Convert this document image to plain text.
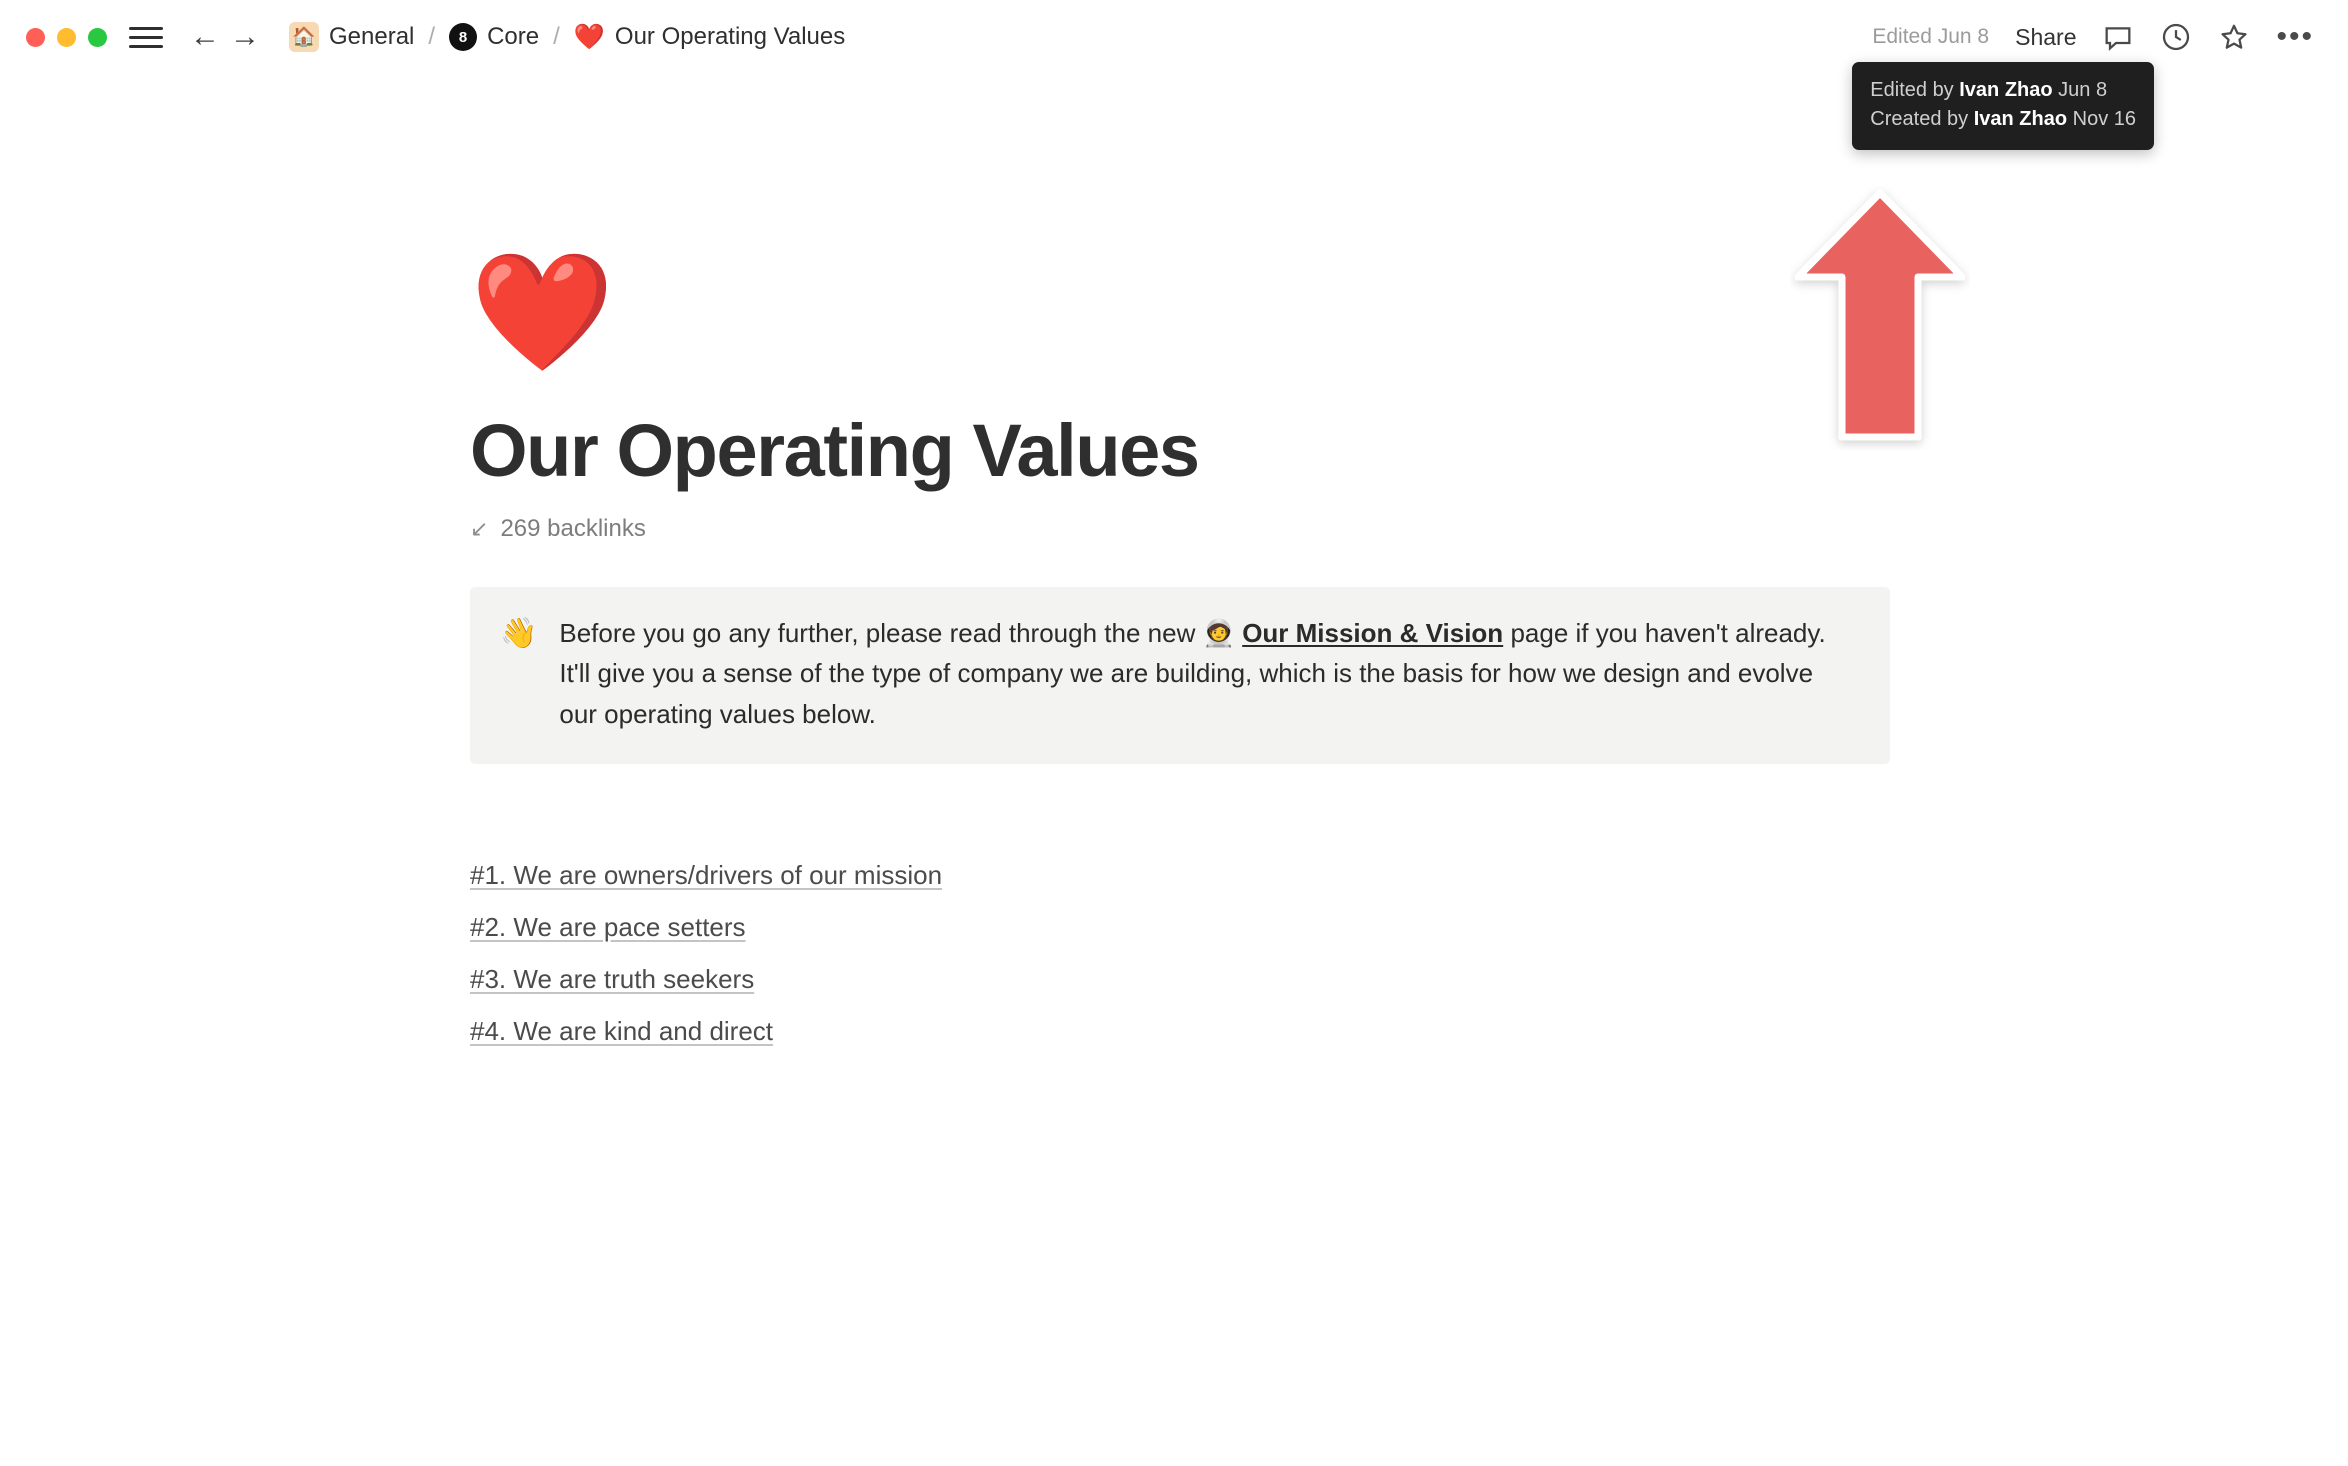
← → 🏠 General /	8 Core / ❤️ Our Operating Values	Edited Jun 8 Share	•••
Edited by Ivan Zhao Jun 8
Created by Ivan Zhao Nov 16
❤️
Our Operating Values
↙ 269 backlinks
👋 Before you go any further, please read through the new 🧑‍🚀 Our Mission & Vision page if you haven't already. It'll give you a sense of the type of company we are building, which is the basis for how we design and evolve our operating values below.
#1. We are owners/drivers of our mission
#2. We are pace setters
#3. We are truth seekers
#4. We are kind and direct
